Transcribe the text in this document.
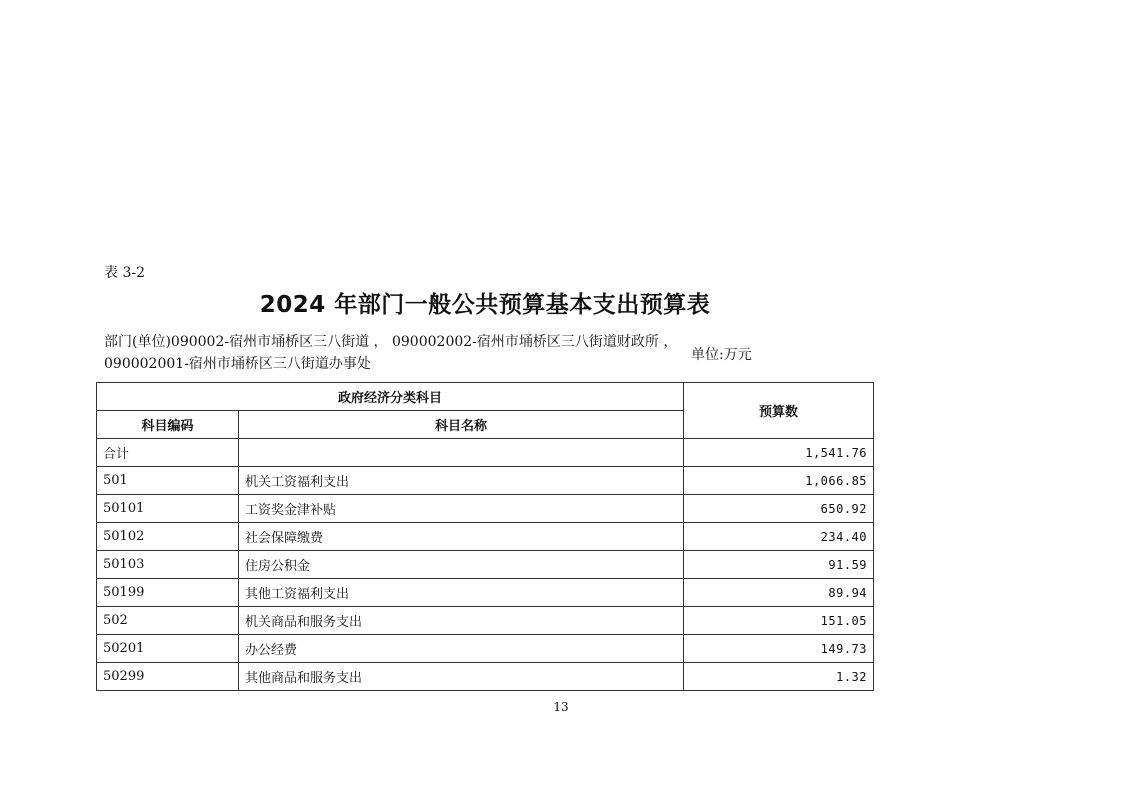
表 3-2
2024 年部门一般公共预算基本支出预算表
部门(单位)090002-宿州市埇桥区三八街道 ， 090002002-宿州市埇桥区三八街道财政所 ，
090002001-宿州市埇桥区三八街道办事处
单位:万元
政府经济分类科目		预算数
科目编码	科目名称	
合计		1,541.76
501	机关工资福利支出	1,066.85
50101	工资奖金津补贴	650.92
50102	社会保障缴费	234.40
50103	住房公积金	91.59
50199	其他工资福利支出	89.94
502	机关商品和服务支出	151.05
50201	办公经费	149.73
50299	其他商品和服务支出	1.32
13
